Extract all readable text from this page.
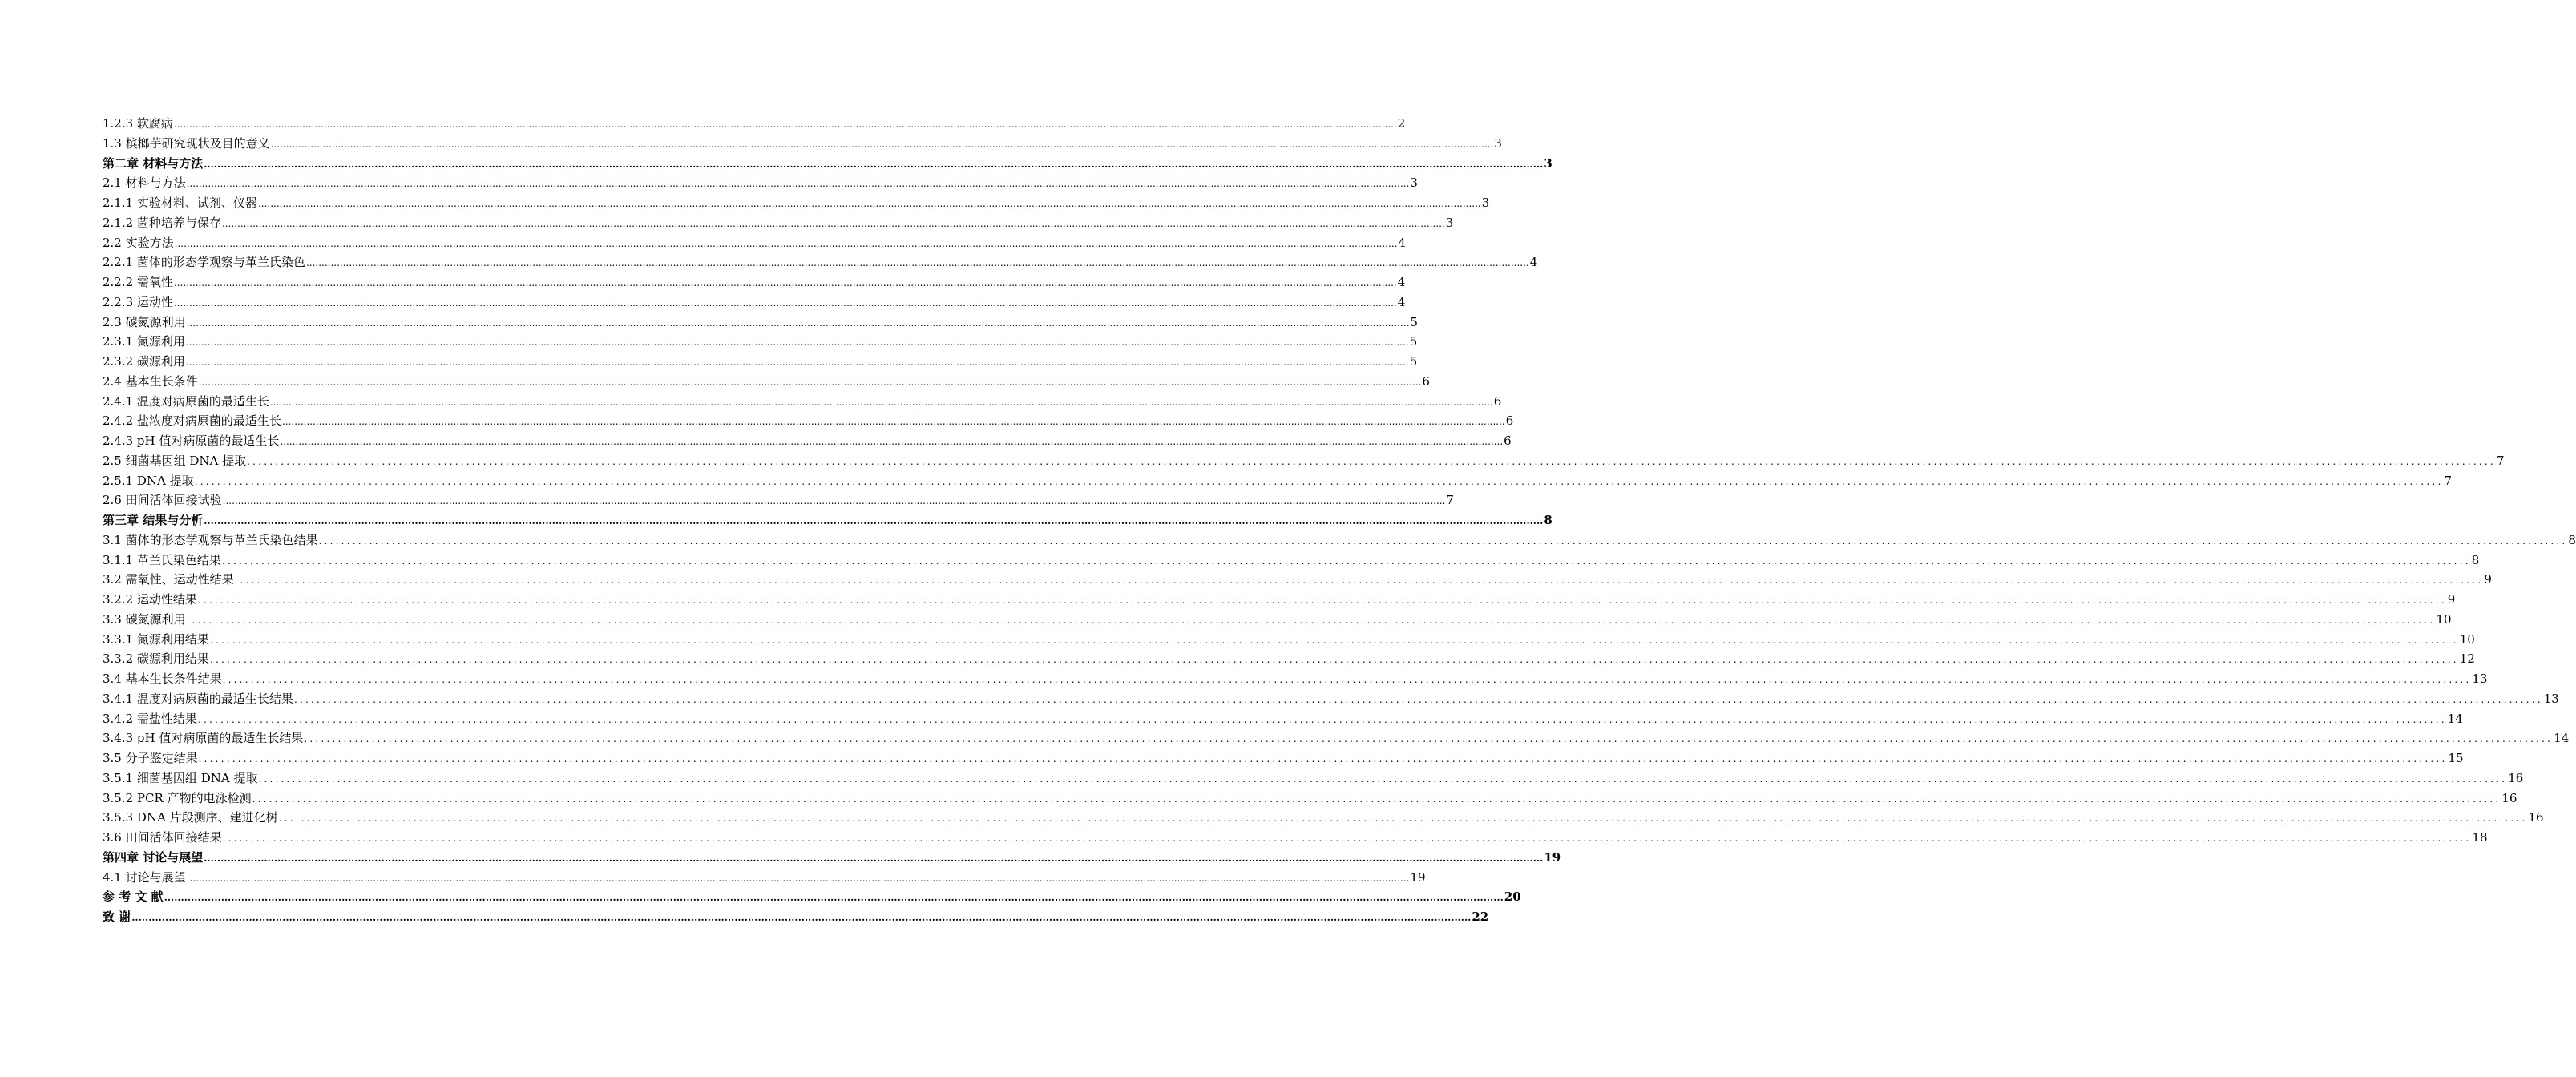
1.2.3 软腐病 ................................................................................................................................................................................................................................................................................................................................................................................................................ 2
1.3 槟榔芋研究现状及目的意义 ................................................................................................................................................................................................................................................................................................................................................................................................................ 3
第二章 材料与方法 ................................................................................................................................................................................................................................................................................................................................................................................................................ 3
2.1 材料与方法 ................................................................................................................................................................................................................................................................................................................................................................................................................ 3
2.1.1 实验材料、试剂、仪器 ................................................................................................................................................................................................................................................................................................................................................................................................................ 3
2.1.2 菌种培养与保存 ................................................................................................................................................................................................................................................................................................................................................................................................................ 3
2.2 实验方法 ................................................................................................................................................................................................................................................................................................................................................................................................................ 4
2.2.1 菌体的形态学观察与革兰氏染色 ................................................................................................................................................................................................................................................................................................................................................................................................................ 4
2.2.2 需氧性 ................................................................................................................................................................................................................................................................................................................................................................................................................ 4
2.2.3 运动性 ................................................................................................................................................................................................................................................................................................................................................................................................................ 4
2.3 碳氮源利用 ................................................................................................................................................................................................................................................................................................................................................................................................................ 5
2.3.1 氮源利用 ................................................................................................................................................................................................................................................................................................................................................................................................................ 5
2.3.2 碳源利用 ................................................................................................................................................................................................................................................................................................................................................................................................................ 5
2.4 基本生长条件 ................................................................................................................................................................................................................................................................................................................................................................................................................ 6
2.4.1 温度对病原菌的最适生长 ................................................................................................................................................................................................................................................................................................................................................................................................................ 6
2.4.2 盐浓度对病原菌的最适生长 ................................................................................................................................................................................................................................................................................................................................................................................................................ 6
2.4.3 pH 值对病原菌的最适生长 ................................................................................................................................................................................................................................................................................................................................................................................................................ 6
2.5 细菌基因组 DNA 提取 ................................................................................................................................................................................................................................................................................................................................................................................................................ 7
2.5.1 DNA 提取 ................................................................................................................................................................................................................................................................................................................................................................................................................ 7
2.6 田间活体回接试验 ................................................................................................................................................................................................................................................................................................................................................................................................................ 7
第三章 结果与分析 ................................................................................................................................................................................................................................................................................................................................................................................................................ 8
3.1 菌体的形态学观察与革兰氏染色结果 ................................................................................................................................................................................................................................................................................................................................................................................................................ 8
3.1.1 革兰氏染色结果 ................................................................................................................................................................................................................................................................................................................................................................................................................ 8
3.2 需氧性、运动性结果 ................................................................................................................................................................................................................................................................................................................................................................................................................ 9
3.2.2 运动性结果 ................................................................................................................................................................................................................................................................................................................................................................................................................ 9
3.3 碳氮源利用 ................................................................................................................................................................................................................................................................................................................................................................................................................ 10
3.3.1 氮源利用结果 ................................................................................................................................................................................................................................................................................................................................................................................................................ 10
3.3.2 碳源利用结果 ................................................................................................................................................................................................................................................................................................................................................................................................................ 12
3.4 基本生长条件结果 ................................................................................................................................................................................................................................................................................................................................................................................................................ 13
3.4.1 温度对病原菌的最适生长结果 ................................................................................................................................................................................................................................................................................................................................................................................................................ 13
3.4.2 需盐性结果 ................................................................................................................................................................................................................................................................................................................................................................................................................ 14
3.4.3 pH 值对病原菌的最适生长结果 ................................................................................................................................................................................................................................................................................................................................................................................................................ 14
3.5 分子鉴定结果 ................................................................................................................................................................................................................................................................................................................................................................................................................ 15
3.5.1 细菌基因组 DNA 提取 ................................................................................................................................................................................................................................................................................................................................................................................................................ 16
3.5.2 PCR 产物的电泳检测 ................................................................................................................................................................................................................................................................................................................................................................................................................ 16
3.5.3 DNA 片段测序、建进化树 ................................................................................................................................................................................................................................................................................................................................................................................................................ 16
3.6 田间活体回接结果 ................................................................................................................................................................................................................................................................................................................................................................................................................ 18
第四章 讨论与展望 ................................................................................................................................................................................................................................................................................................................................................................................................................ 19
4.1 讨论与展望 ................................................................................................................................................................................................................................................................................................................................................................................................................ 19
参 考 文 献 ................................................................................................................................................................................................................................................................................................................................................................................................................ 20
致 谢 ................................................................................................................................................................................................................................................................................................................................................................................................................ 22
